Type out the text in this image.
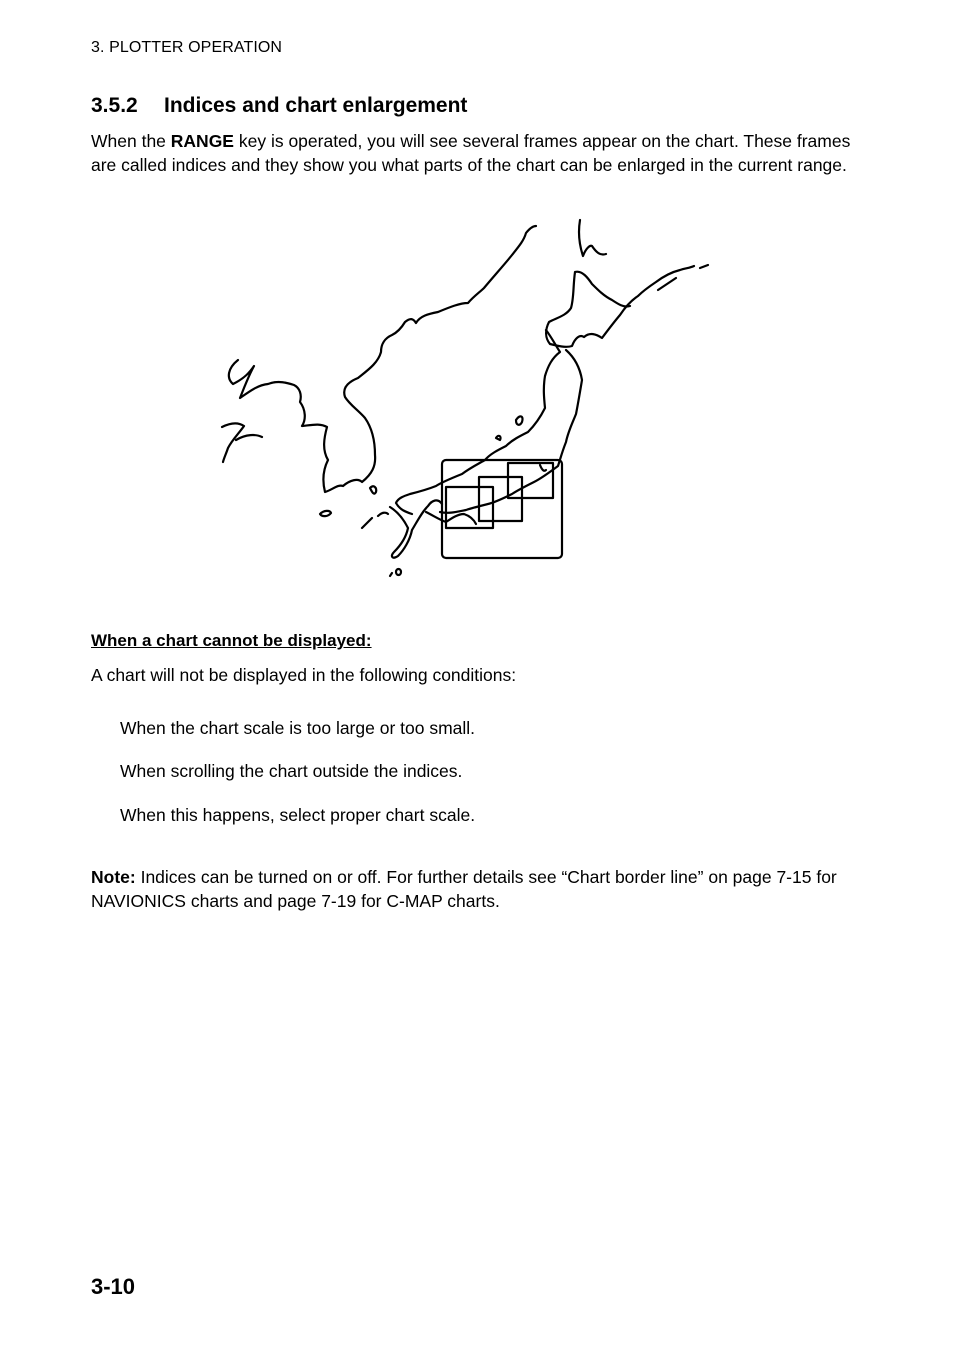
3. PLOTTER OPERATION
3.5.2 Indices and chart enlargement
When the RANGE key is operated, you will see several frames appear on the chart. These frames are called indices and they show you what parts of the chart can be enlarged in the current range.
When a chart cannot be displayed:
A chart will not be displayed in the following conditions:
When the chart scale is too large or too small.
When scrolling the chart outside the indices.
When this happens, select proper chart scale.
Note: Indices can be turned on or off. For further details see “Chart border line” on page 7-15 for NAVIONICS charts and page 7-19 for C-MAP charts.
3-10
